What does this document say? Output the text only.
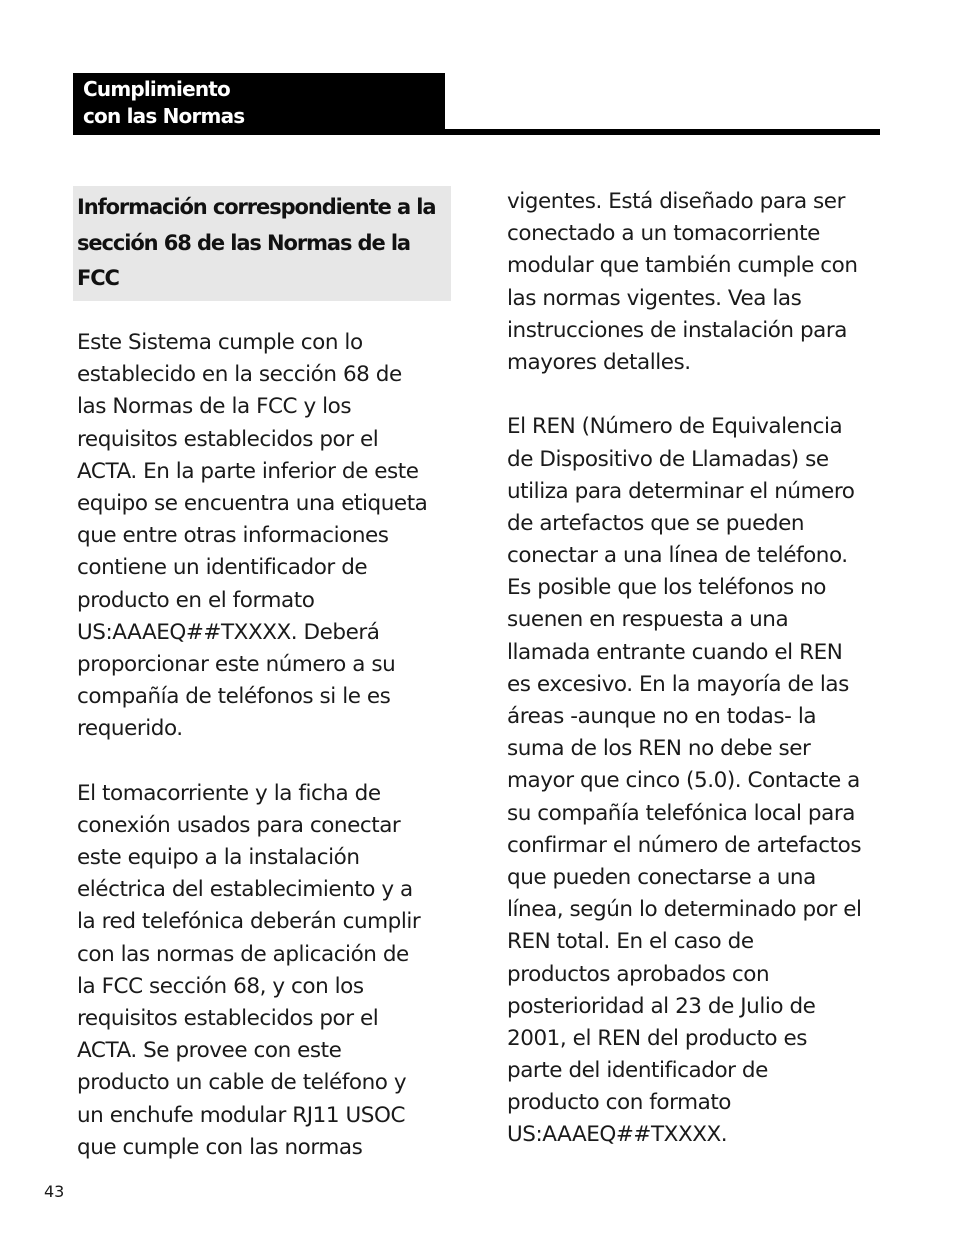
Cumplimiento
con las Normas
Información correspondiente a la
sección 68 de las Normas de la
FCC
Este Sistema cumple con lo
establecido en la sección 68 de
las Normas de la FCC y los
requisitos establecidos por el
ACTA. En la parte inferior de este
equipo se encuentra una etiqueta
que entre otras informaciones
contiene un identificador de
producto en el formato
US:AAAEQ##TXXXX. Deberá
proporcionar este número a su
compañía de teléfonos si le es
requerido.
El tomacorriente y la ficha de
conexión usados para conectar
este equipo a la instalación
eléctrica del establecimiento y a
la red telefónica deberán cumplir
con las normas de aplicación de
la FCC sección 68, y con los
requisitos establecidos por el
ACTA. Se provee con este
producto un cable de teléfono y
un enchufe modular RJ11 USOC
que cumple con las normas
vigentes. Está diseñado para ser
conectado a un tomacorriente
modular que también cumple con
las normas vigentes. Vea las
instrucciones de instalación para
mayores detalles.
El REN (Número de Equivalencia
de Dispositivo de Llamadas) se
utiliza para determinar el número
de artefactos que se pueden
conectar a una línea de teléfono.
Es posible que los teléfonos no
suenen en respuesta a una
llamada entrante cuando el REN
es excesivo. En la mayoría de las
áreas -aunque no en todas- la
suma de los REN no debe ser
mayor que cinco (5.0). Contacte a
su compañía telefónica local para
confirmar el número de artefactos
que pueden conectarse a una
línea, según lo determinado por el
REN total. En el caso de
productos aprobados con
posterioridad al 23 de Julio de
2001, el REN del producto es
parte del identificador de
producto con formato
US:AAAEQ##TXXXX.
43
